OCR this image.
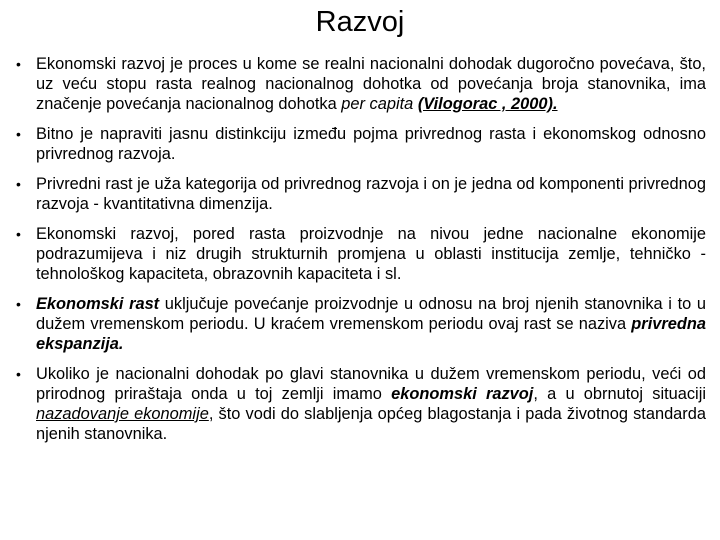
Razvoj
• Ekonomski razvoj je proces u kome se realni nacionalni dohodak dugoročno povećava, što, uz veću stopu rasta realnog nacionalnog dohotka od povećanja broja stanovnika, ima značenje povećanja nacionalnog dohotka per capita (Vilogorac , 2000).
• Bitno je napraviti jasnu distinkciju između pojma privrednog rasta i ekonomskog odnosno privrednog razvoja.
• Privredni rast je uža kategorija od privrednog razvoja i on je jedna od komponenti privrednog razvoja - kvantitativna dimenzija.
• Ekonomski razvoj, pored rasta proizvodnje na nivou jedne nacionalne ekonomije podrazumijeva i niz drugih strukturnih promjena u oblasti institucija zemlje, tehničko -tehnološkog kapaciteta, obrazovnih kapaciteta i sl.
• Ekonomski rast uključuje povećanje proizvodnje u odnosu na broj njenih stanovnika i to u dužem vremenskom periodu. U kraćem vremenskom periodu ovaj rast se naziva privredna ekspanzija.
• Ukoliko je nacionalni dohodak po glavi stanovnika u dužem vremenskom periodu, veći od prirodnog priraštaja onda u toj zemlji imamo ekonomski razvoj, a u obrnutoj situaciji nazadovanje ekonomije, što vodi do slabljenja općeg blagostanja i pada životnog standarda njenih stanovnika.
